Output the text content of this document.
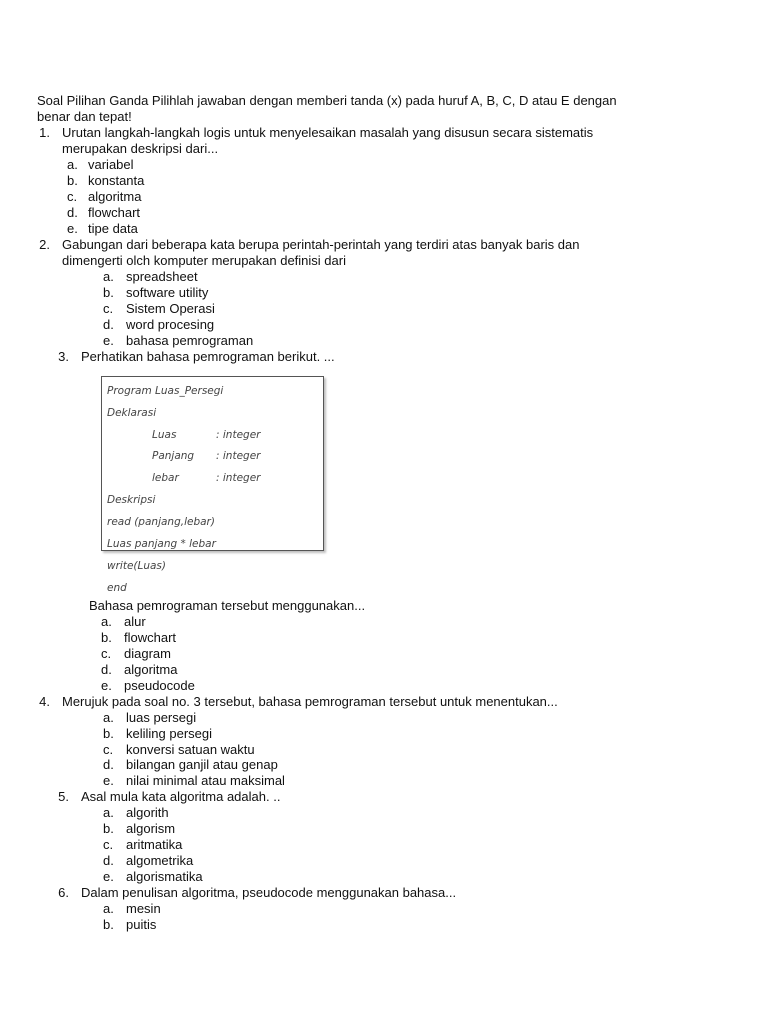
Soal Pilihan Ganda Pilihlah jawaban dengan memberi tanda (x) pada huruf A, B, C, D atau E dengan
benar dan tepat!
1. Urutan langkah-langkah logis untuk menyelesaikan masalah yang disusun secara sistematis
merupakan deskripsi dari...
a. variabel
b. konstanta
c. algoritma
d. flowchart
e. tipe data
2. Gabungan dari beberapa kata berupa perintah-perintah yang terdiri atas banyak baris dan
dimengerti olch komputer merupakan definisi dari
a. spreadsheet
b. software utility
c. Sistem Operasi
d. word procesing
e. bahasa pemrograman
3. Perhatikan bahasa pemrograman berikut. ...
Program Luas_Persegi
Deklarasi
Luas	: integer
Panjang : integer
lebar	: integer
Deskripsi
read (panjang,lebar)
Luas panjang * lebar
write(Luas)
end
Bahasa pemrograman tersebut menggunakan...
a. alur
b. flowchart
c. diagram
d. algoritma
e. pseudocode
4. Merujuk pada soal no. 3 tersebut, bahasa pemrograman tersebut untuk menentukan...
a. luas persegi
b. keliling persegi
c. konversi satuan waktu
d. bilangan ganjil atau genap
e. nilai minimal atau maksimal
5. Asal mula kata algoritma adalah. ..
a. algorith
b. algorism
c. aritmatika
d. algometrika
e. algorismatika
6. Dalam penulisan algoritma, pseudocode menggunakan bahasa...
a. mesin
b. puitis
